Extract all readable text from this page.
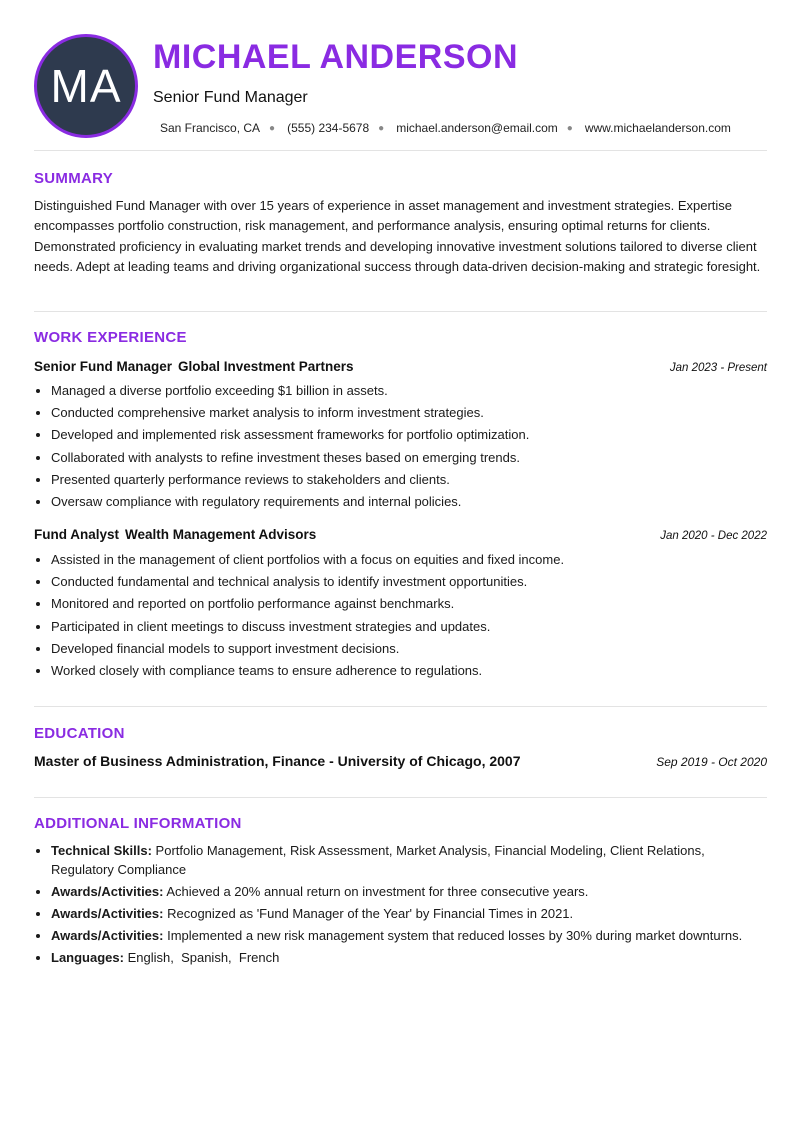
MA
MICHAEL ANDERSON
Senior Fund Manager
San Francisco, CA ● (555) 234-5678 ● michael.anderson@email.com ● www.michaelanderson.com
SUMMARY
Distinguished Fund Manager with over 15 years of experience in asset management and investment strategies. Expertise encompasses portfolio construction, risk management, and performance analysis, ensuring optimal returns for clients. Demonstrated proficiency in evaluating market trends and developing innovative investment solutions tailored to diverse client needs. Adept at leading teams and driving organizational success through data-driven decision-making and strategic foresight.
WORK EXPERIENCE
Senior Fund Manager Global Investment Partners	Jan 2023 - Present
• Managed a diverse portfolio exceeding $1 billion in assets.
• Conducted comprehensive market analysis to inform investment strategies.
• Developed and implemented risk assessment frameworks for portfolio optimization.
• Collaborated with analysts to refine investment theses based on emerging trends.
• Presented quarterly performance reviews to stakeholders and clients.
• Oversaw compliance with regulatory requirements and internal policies.
Fund Analyst Wealth Management Advisors	Jan 2020 - Dec 2022
• Assisted in the management of client portfolios with a focus on equities and fixed income.
• Conducted fundamental and technical analysis to identify investment opportunities.
• Monitored and reported on portfolio performance against benchmarks.
• Participated in client meetings to discuss investment strategies and updates.
• Developed financial models to support investment decisions.
• Worked closely with compliance teams to ensure adherence to regulations.
EDUCATION
Master of Business Administration, Finance - University of Chicago, 2007	Sep 2019 - Oct 2020
ADDITIONAL INFORMATION
• Technical Skills: Portfolio Management, Risk Assessment, Market Analysis, Financial Modeling, Client Relations, Regulatory Compliance
• Awards/Activities: Achieved a 20% annual return on investment for three consecutive years.
• Awards/Activities: Recognized as 'Fund Manager of the Year' by Financial Times in 2021.
• Awards/Activities: Implemented a new risk management system that reduced losses by 30% during market downturns.
• Languages: English,  Spanish,  French
